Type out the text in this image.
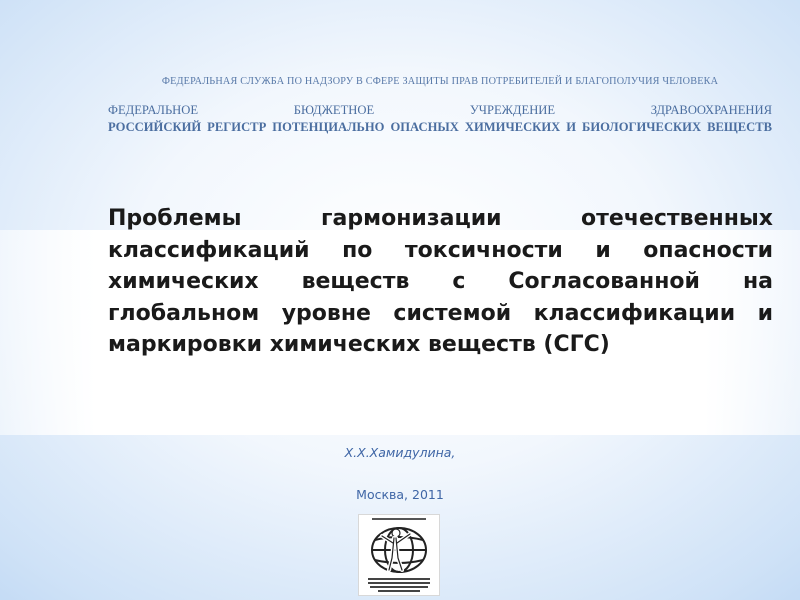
ФЕДЕРАЛЬНАЯ СЛУЖБА ПО НАДЗОРУ В СФЕРЕ ЗАЩИТЫ ПРАВ ПОТРЕБИТЕЛЕЙ И БЛАГОПОЛУЧИЯ ЧЕЛОВЕКА
ФЕДЕРАЛЬНОЕ БЮДЖЕТНОЕ УЧРЕЖДЕНИЕ ЗДРАВООХРАНЕНИЯ
РОССИЙСКИЙ РЕГИСТР ПОТЕНЦИАЛЬНО ОПАСНЫХ ХИМИЧЕСКИХ И БИОЛОГИЧЕСКИХ ВЕЩЕСТВ

Проблемы гармонизации отечественных классификаций по токсичности и опасности химических веществ с Согласованной на глобальном уровне системой классификации и маркировки химических веществ (СГС)

Х.Х.Хамидулина,
Москва, 2011
